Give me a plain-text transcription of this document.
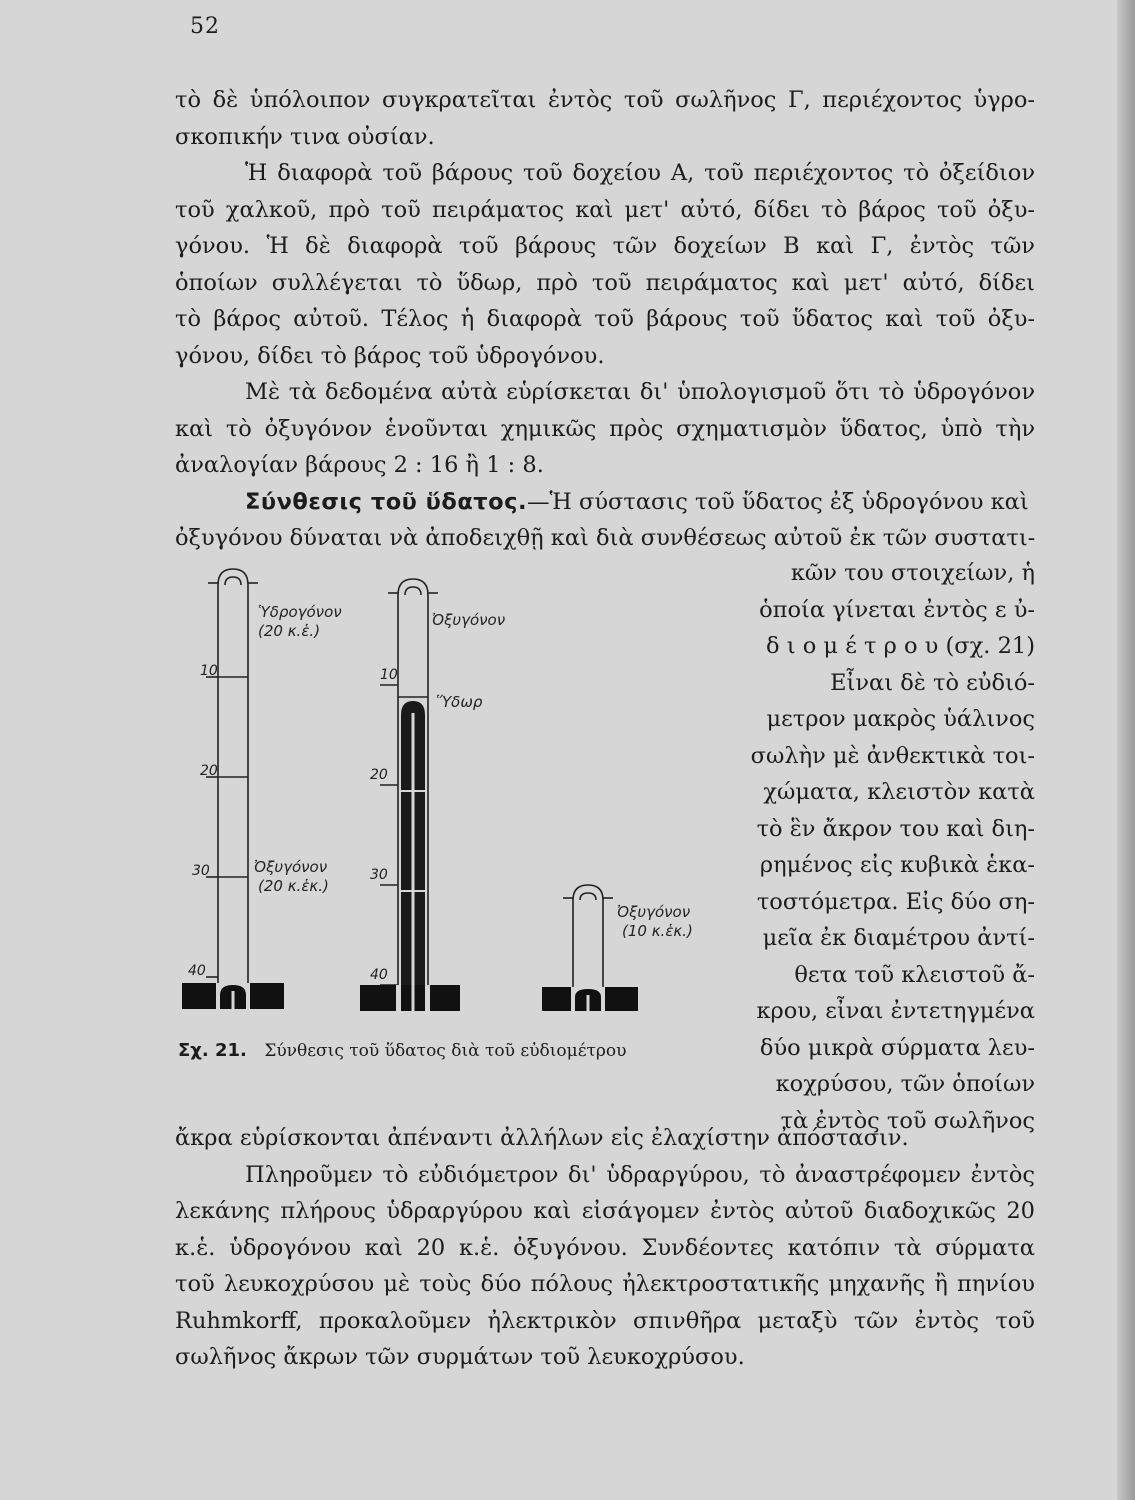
52
τὸ δὲ ὑπόλοιπον συγκρατεῖται ἐντὸς τοῦ σωλῆνος Γ, περιέχοντος ὑγρο-
σκοπικήν τινα οὐσίαν.
Ἡ διαφορὰ τοῦ βάρους τοῦ δοχείου Α, τοῦ περιέχοντος τὸ ὀξείδιον
τοῦ χαλκοῦ, πρὸ τοῦ πειράματος καὶ μετ' αὐτό, δίδει τὸ βάρος τοῦ ὀξυ-
γόνου. Ἡ δὲ διαφορὰ τοῦ βάρους τῶν δοχείων Β καὶ Γ, ἐντὸς τῶν
ὁποίων συλλέγεται τὸ ὕδωρ, πρὸ τοῦ πειράματος καὶ μετ' αὐτό, δίδει
τὸ βάρος αὐτοῦ. Τέλος ἡ διαφορὰ τοῦ βάρους τοῦ ὕδατος καὶ τοῦ ὀξυ-
γόνου, δίδει τὸ βάρος τοῦ ὑδρογόνου.
Μὲ τὰ δεδομένα αὐτὰ εὑρίσκεται δι' ὑπολογισμοῦ ὅτι τὸ ὑδρογόνον
καὶ τὸ ὀξυγόνον ἑνοῦνται χημικῶς πρὸς σχηματισμὸν ὕδατος, ὑπὸ τὴν
ἀναλογίαν βάρους 2 : 16 ἢ 1 : 8.
Σύνθεσις τοῦ ὕδατος.—Ἡ σύστασις τοῦ ὕδατος ἐξ ὑδρογόνου καὶ
ὀξυγόνου δύναται νὰ ἀποδειχθῇ καὶ διὰ συνθέσεως αὐτοῦ ἐκ τῶν συστατι-
κῶν του στοιχείων, ἡ
ὁποία γίνεται ἐντὸς ε ὐ-
δ ι ο μ έ τ ρ ο υ (σχ. 21)
Εἶναι δὲ τὸ εὐδιό-
μετρον μακρὸς ὑάλινος
σωλὴν μὲ ἀνθεκτικὰ τοι-
χώματα, κλειστὸν κατὰ
τὸ ἓν ἄκρον του καὶ διη-
ρημένος εἰς κυβικὰ ἑκα-
τοστόμετρα. Εἰς δύο ση-
μεῖα ἐκ διαμέτρου ἀντί-
θετα τοῦ κλειστοῦ ἄ-
κρου, εἶναι ἐντετηγμένα
δύο μικρὰ σύρματα λευ-
κοχρύσου, τῶν ὁποίων
τὰ ἐντὸς τοῦ σωλῆνος
Ὑδρογόνον
(20 κ.ἑ.)
10
20
30
40
Ὀξυγόνον
(20 κ.ἑκ.)
Ὀξυγόνον
Ὕδωρ
10
20
30
40
Ὀξυγόνον
(10 κ.ἑκ.)
Σχ. 21. Σύνθεσις τοῦ ὕδατος διὰ τοῦ εὐδιομέτρου
ἄκρα εὑρίσκονται ἀπέναντι ἀλλήλων εἰς ἐλαχίστην ἀπόστασιν.
Πληροῦμεν τὸ εὐδιόμετρον δι' ὑδραργύρου, τὸ ἀναστρέφομεν ἐντὸς
λεκάνης πλήρους ὑδραργύρου καὶ εἰσάγομεν ἐντὸς αὐτοῦ διαδοχικῶς 20
κ.ἑ. ὑδρογόνου καὶ 20 κ.ἑ. ὀξυγόνου. Συνδέοντες κατόπιν τὰ σύρματα
τοῦ λευκοχρύσου μὲ τοὺς δύο πόλους ἠλεκτροστατικῆς μηχανῆς ἢ πηνίου
Ruhmkorff, προκαλοῦμεν ἠλεκτρικὸν σπινθῆρα μεταξὺ τῶν ἐντὸς τοῦ
σωλῆνος ἄκρων τῶν συρμάτων τοῦ λευκοχρύσου.
